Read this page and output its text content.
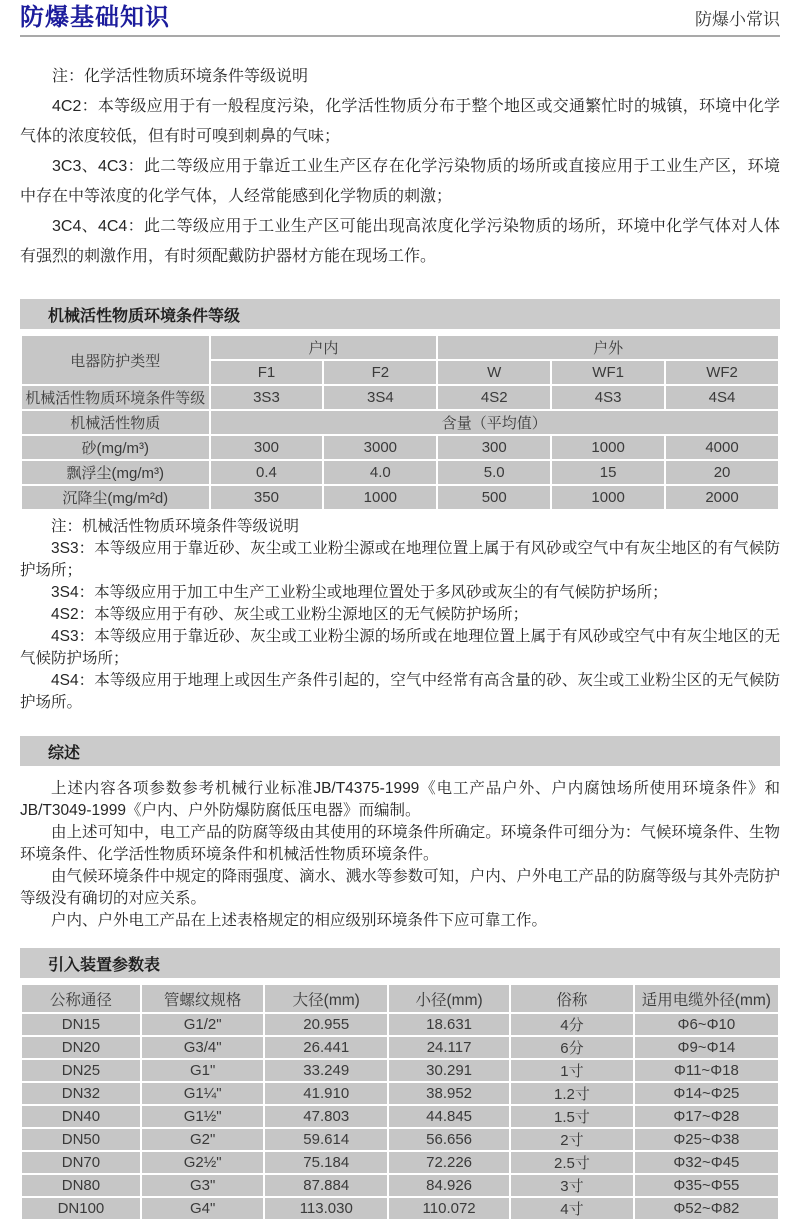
防爆基础知识	防爆小常识

注：化学活性物质环境条件等级说明

4C2：本等级应用于有一般程度污染，化学活性物质分布于整个地区或交通繁忙时的城镇，环境中化学气体的浓度较低，但有时可嗅到刺鼻的气味；

3C3、4C3：此二等级应用于靠近工业生产区存在化学污染物质的场所或直接应用于工业生产区，环境中存在中等浓度的化学气体，人经常能感到化学物质的刺激；

3C4、4C4：此二等级应用于工业生产区可能出现高浓度化学污染物质的场所，环境中化学气体对人体有强烈的刺激作用，有时须配戴防护器材方能在现场工作。

机械活性物质环境条件等级
电器防护类型	户内		户外		
	F1	F2	W	WF1	WF2
机械活性物质环境条件等级	3S3	3S4	4S2	4S3	4S4
机械活性物质	含量（平均值）				
砂(mg/m³)	300	3000	300	1000	4000
飘浮尘(mg/m³)	0.4	4.0	5.0	15	20
沉降尘(mg/m²d)	350	1000	500	1000	2000

注：机械活性物质环境条件等级说明

3S3：本等级应用于靠近砂、灰尘或工业粉尘源或在地理位置上属于有风砂或空气中有灰尘地区的有气候防护场所；

3S4：本等级应用于加工中生产工业粉尘或地理位置处于多风砂或灰尘的有气候防护场所；

4S2：本等级应用于有砂、灰尘或工业粉尘源地区的无气候防护场所；

4S3：本等级应用于靠近砂、灰尘或工业粉尘源的场所或在地理位置上属于有风砂或空气中有灰尘地区的无气候防护场所；

4S4：本等级应用于地理上或因生产条件引起的，空气中经常有高含量的砂、灰尘或工业粉尘区的无气候防护场所。

综述

上述内容各项参数参考机械行业标准JB/T4375-1999《电工产品户外、户内腐蚀场所使用环境条件》和JB/T3049-1999《户内、户外防爆防腐低压电器》而编制。

由上述可知中，电工产品的防腐等级由其使用的环境条件所确定。环境条件可细分为：气候环境条件、生物环境条件、化学活性物质环境条件和机械活性物质环境条件。

由气候环境条件中规定的降雨强度、滴水、溅水等参数可知，户内、户外电工产品的防腐等级与其外壳防护等级没有确切的对应关系。

户内、户外电工产品在上述表格规定的相应级别环境条件下应可靠工作。

引入装置参数表
公称通径	管螺纹规格	大径(mm)	小径(mm)	俗称	适用电缆外径(mm)
DN15	G1/2"	20.955	18.631	4分	Φ6~Φ10
DN20	G3/4"	26.441	24.117	6分	Φ9~Φ14
DN25	G1"	33.249	30.291	1寸	Φ11~Φ18
DN32	G1¼"	41.910	38.952	1.2寸	Φ14~Φ25
DN40	G1½"	47.803	44.845	1.5寸	Φ17~Φ28
DN50	G2"	59.614	56.656	2寸	Φ25~Φ38
DN70	G2½"	75.184	72.226	2.5寸	Φ32~Φ45
DN80	G3"	87.884	84.926	3寸	Φ35~Φ55
DN100	G4"	113.030	110.072	4寸	Φ52~Φ82
